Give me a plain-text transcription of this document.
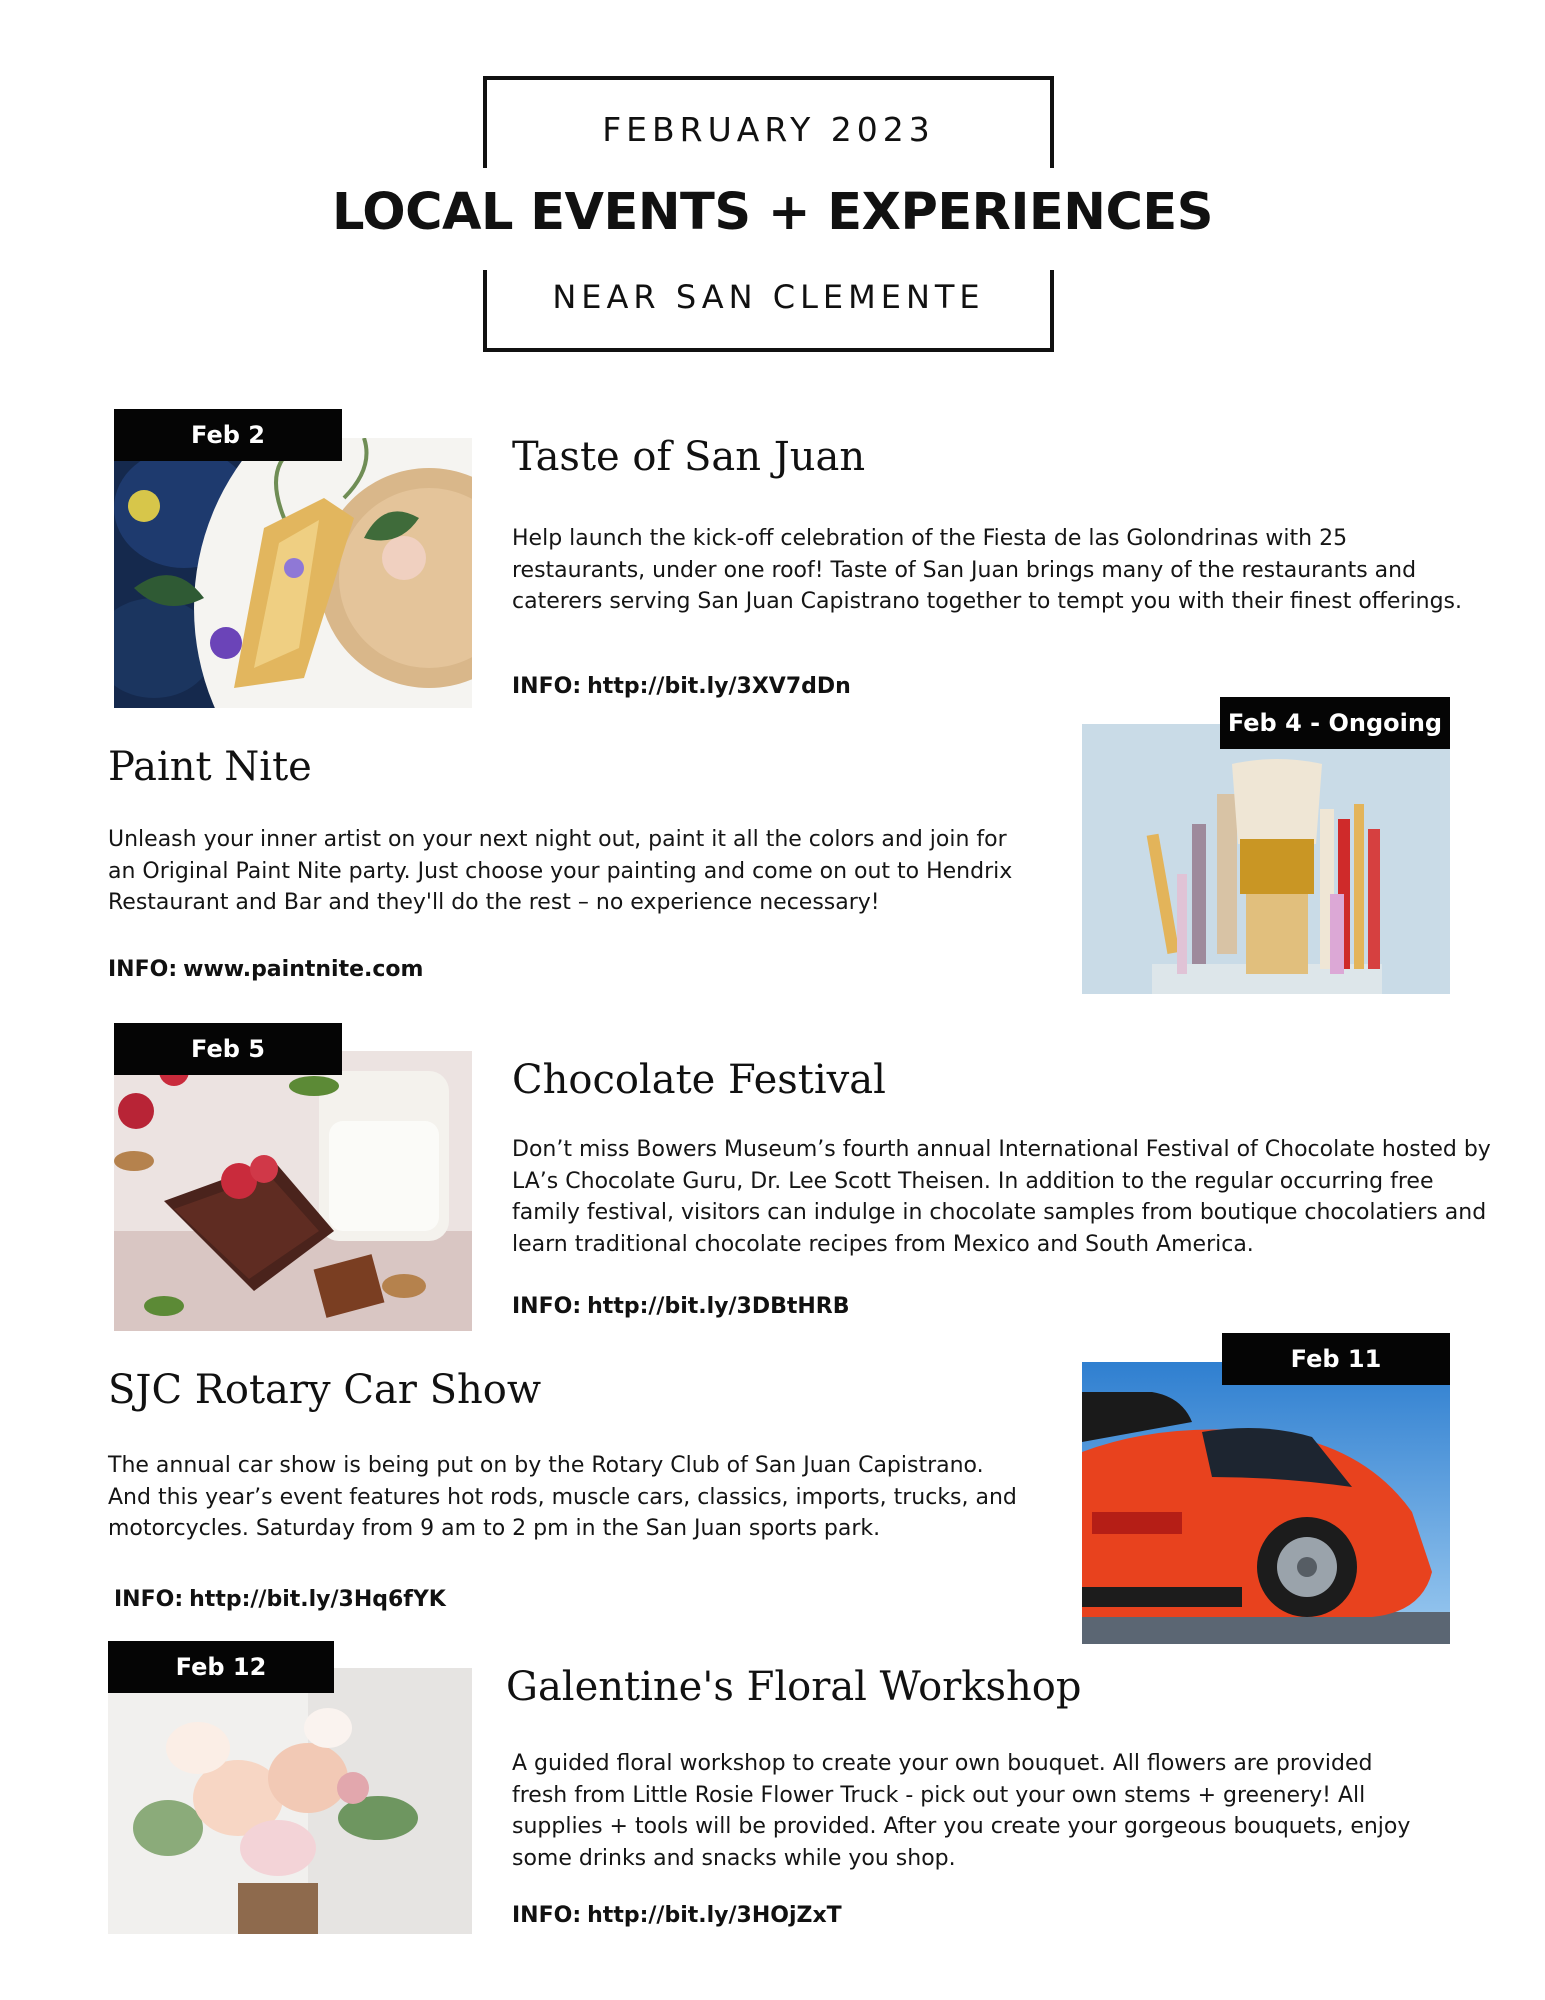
FEBRUARY 2023
LOCAL EVENTS + EXPERIENCES
NEAR SAN CLEMENTE
Feb 2	Taste of San Juan
Help launch the kick-off celebration of the Fiesta de las Golondrinas with 25 restaurants, under one roof! Taste of San Juan brings many of the restaurants and caterers serving San Juan Capistrano together to tempt you with their finest offerings.
INFO: http://bit.ly/3XV7dDn
Feb 4 - Ongoing
Paint Nite
Unleash your inner artist on your next night out, paint it all the colors and join for an Original Paint Nite party. Just choose your painting and come on out to Hendrix Restaurant and Bar and they'll do the rest – no experience necessary!
INFO: www.paintnite.com
Feb 5
Chocolate Festival
Don’t miss Bowers Museum’s fourth annual International Festival of Chocolate hosted by LA’s Chocolate Guru, Dr. Lee Scott Theisen. In addition to the regular occurring free family festival, visitors can indulge in chocolate samples from boutique chocolatiers and learn traditional chocolate recipes from Mexico and South America.
INFO: http://bit.ly/3DBtHRB
Feb 11
SJC Rotary Car Show
The annual car show is being put on by the Rotary Club of San Juan Capistrano. And this year’s event features hot rods, muscle cars, classics, imports, trucks, and motorcycles. Saturday from 9 am to 2 pm in the San Juan sports park.
INFO: http://bit.ly/3Hq6fYK
Feb 12	Galentine's Floral Workshop
A guided floral workshop to create your own bouquet. All flowers are provided fresh from Little Rosie Flower Truck - pick out your own stems + greenery! All supplies + tools will be provided. After you create your gorgeous bouquets, enjoy some drinks and snacks while you shop.
INFO: http://bit.ly/3HOjZxT
